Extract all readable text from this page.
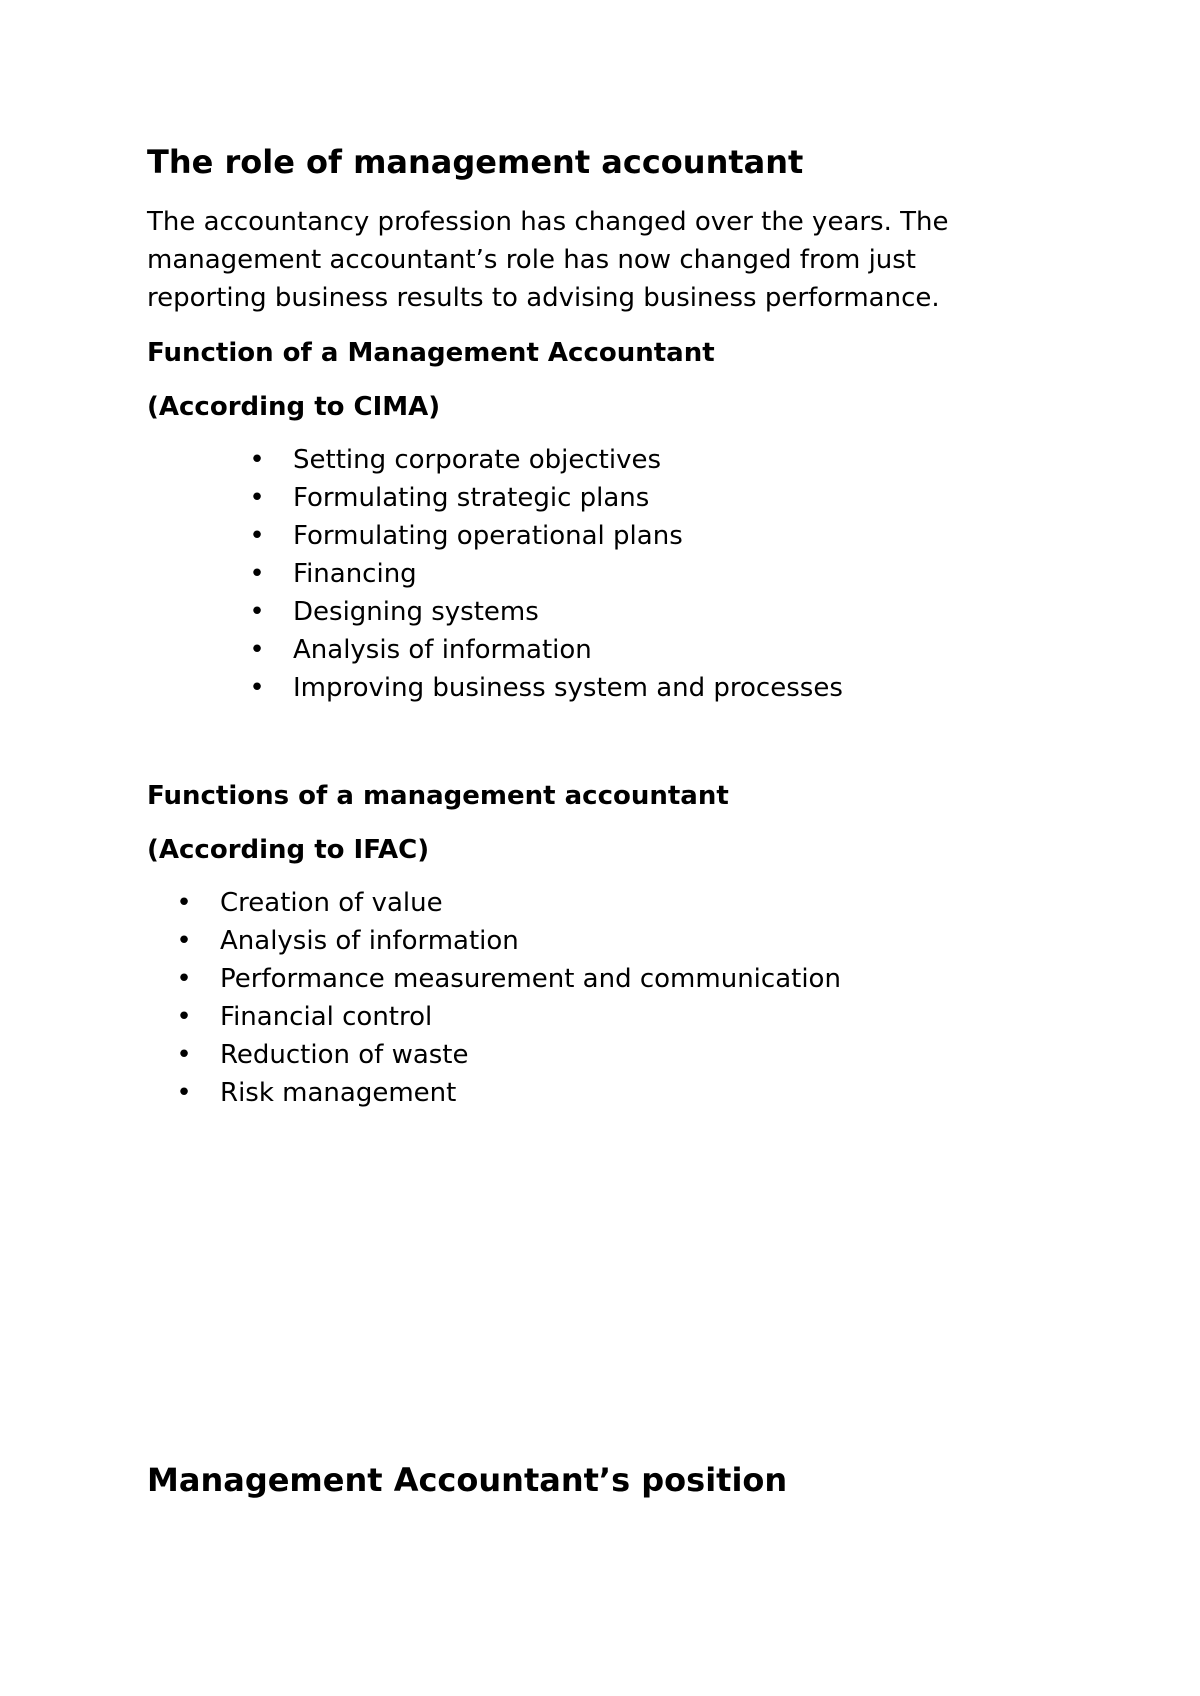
The role of management accountant

The accountancy profession has changed over the years. The
management accountant’s role has now changed from just
reporting business results to advising business performance.

Function of a Management Accountant
(According to CIMA)
• Setting corporate objectives
• Formulating strategic plans
• Formulating operational plans
• Financing
• Designing systems
• Analysis of information
• Improving business system and processes
Functions of a management accountant
(According to IFAC)
• Creation of value
• Analysis of information
• Performance measurement and communication
• Financial control
• Reduction of waste
• Risk management
Management Accountant’s position
